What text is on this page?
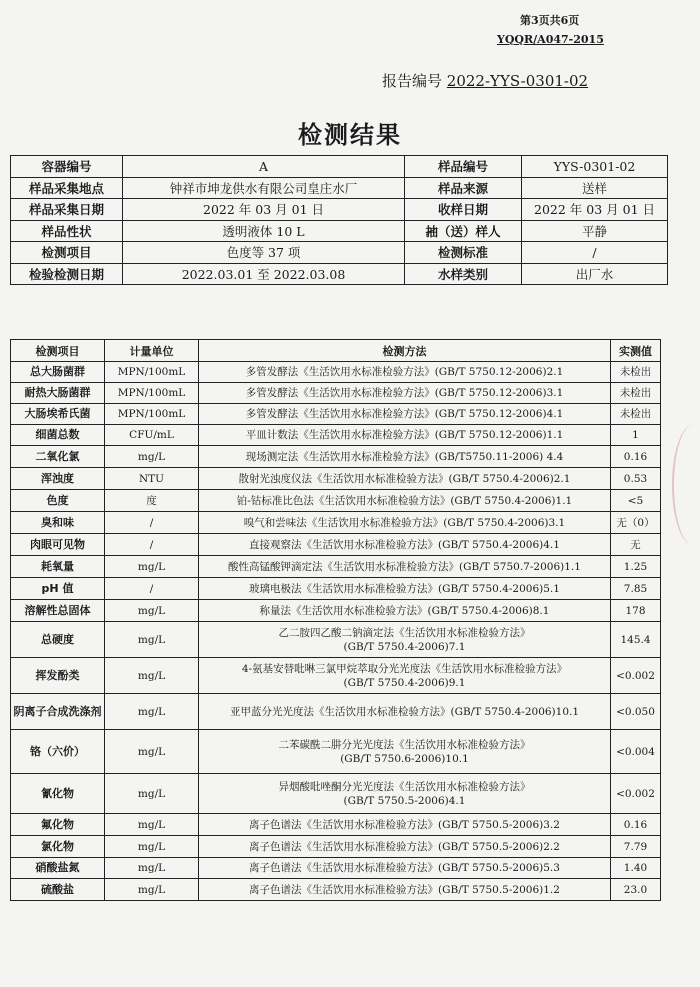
第3页共6页
YQQR/A047-2015
报告编号 2022-YYS-0301-02
检测结果
容器编号	A	样品编号	YYS-0301-02
样品采集地点	钟祥市坤龙供水有限公司皇庄水厂	样品来源	送样
样品采集日期	2022 年 03 月 01 日	收样日期	2022 年 03 月 01 日
样品性状	透明液体 10 L	抽（送）样人	平静
检测项目	色度等 37 项	检测标准	/
检验检测日期	2022.03.01 至 2022.03.08	水样类别	出厂水
检测项目	计量单位	检测方法	实测值
总大肠菌群	MPN/100mL	多管发酵法《生活饮用水标准检验方法》(GB/T 5750.12-2006)2.1	未检出
耐热大肠菌群	MPN/100mL	多管发酵法《生活饮用水标准检验方法》(GB/T 5750.12-2006)3.1	未检出
大肠埃希氏菌	MPN/100mL	多管发酵法《生活饮用水标准检验方法》(GB/T 5750.12-2006)4.1	未检出
细菌总数	CFU/mL	平皿计数法《生活饮用水标准检验方法》(GB/T 5750.12-2006)1.1	1
二氧化氯	mg/L	现场测定法《生活饮用水标准检验方法》(GB/T5750.11-2006) 4.4	0.16
浑浊度	NTU	散射光浊度仪法《生活饮用水标准检验方法》(GB/T 5750.4-2006)2.1	0.53
色度	度	铂-钴标准比色法《生活饮用水标准检验方法》(GB/T 5750.4-2006)1.1	<5
臭和味	/	嗅气和尝味法《生活饮用水标准检验方法》(GB/T 5750.4-2006)3.1	无（0）
肉眼可见物	/	直接观察法《生活饮用水标准检验方法》(GB/T 5750.4-2006)4.1	无
耗氧量	mg/L	酸性高锰酸钾滴定法《生活饮用水标准检验方法》(GB/T 5750.7-2006)1.1	1.25
pH 值	/	玻璃电极法《生活饮用水标准检验方法》(GB/T 5750.4-2006)5.1	7.85
溶解性总固体	mg/L	称量法《生活饮用水标准检验方法》(GB/T 5750.4-2006)8.1	178
总硬度	mg/L	乙二胺四乙酸二钠滴定法《生活饮用水标准检验方法》
(GB/T 5750.4-2006)7.1	145.4
挥发酚类	mg/L	4-氨基安替吡啉三氯甲烷萃取分光光度法《生活饮用水标准检验方法》
(GB/T 5750.4-2006)9.1	<0.002
阴离子合成洗涤剂	mg/L	亚甲蓝分光光度法《生活饮用水标准检验方法》(GB/T 5750.4-2006)10.1	<0.050
铬（六价）	mg/L	二苯碳酰二肼分光光度法《生活饮用水标准检验方法》
(GB/T 5750.6-2006)10.1	<0.004
氰化物	mg/L	异烟酸吡唑酮分光光度法《生活饮用水标准检验方法》
(GB/T 5750.5-2006)4.1	<0.002
氟化物	mg/L	离子色谱法《生活饮用水标准检验方法》(GB/T 5750.5-2006)3.2	0.16
氯化物	mg/L	离子色谱法《生活饮用水标准检验方法》(GB/T 5750.5-2006)2.2	7.79
硝酸盐氮	mg/L	离子色谱法《生活饮用水标准检验方法》(GB/T 5750.5-2006)5.3	1.40
硫酸盐	mg/L	离子色谱法《生活饮用水标准检验方法》(GB/T 5750.5-2006)1.2	23.0
